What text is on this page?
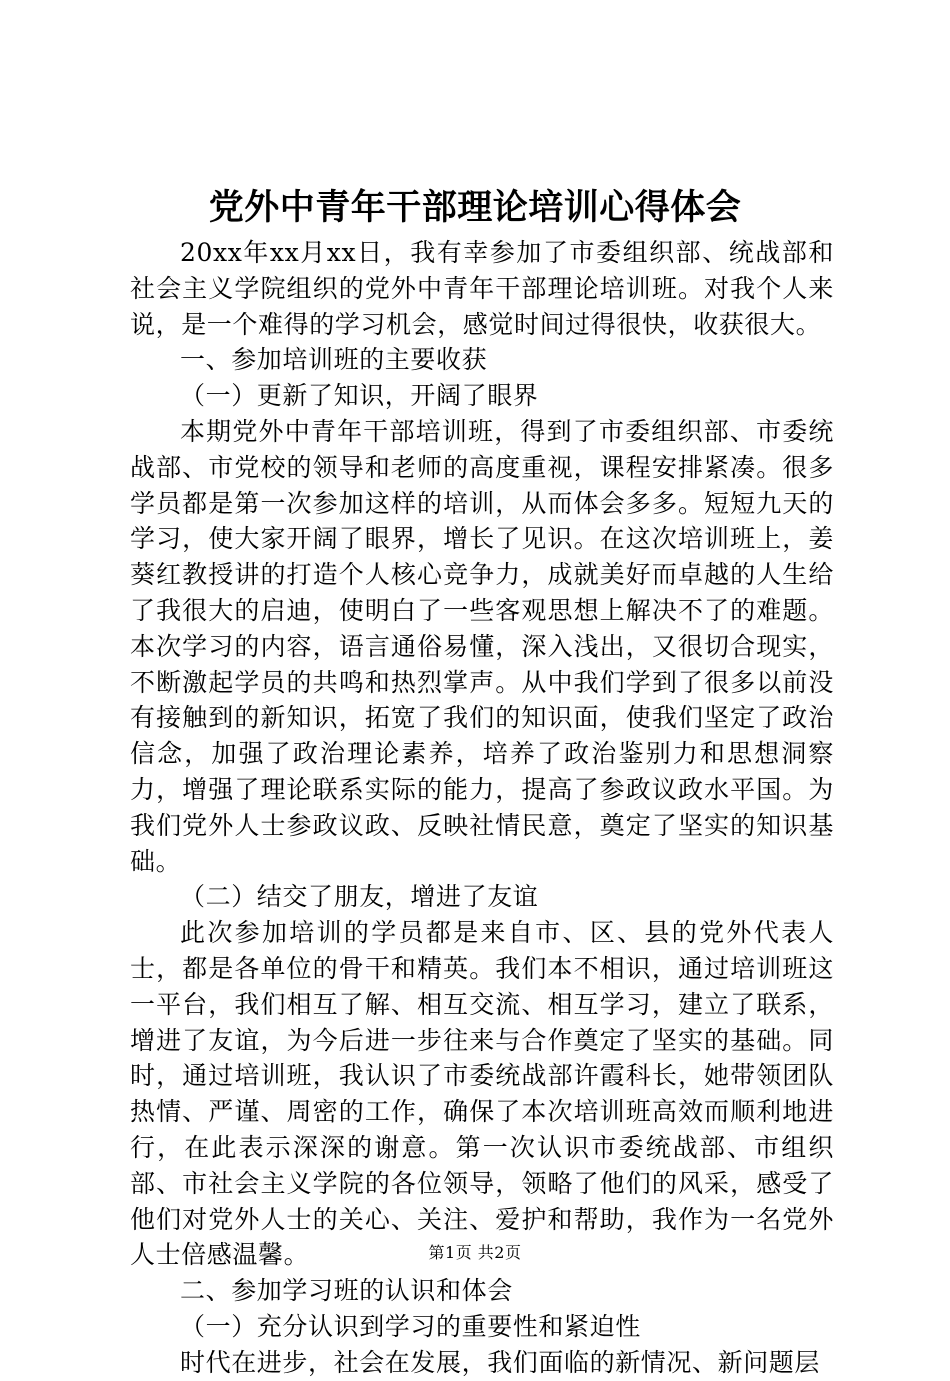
党外中青年干部理论培训心得体会

20xx年xx月xx日，我有幸参加了市委组织部、统战部和社会主义学院组织的党外中青年干部理论培训班。对我个人来说，是一个难得的学习机会，感觉时间过得很快，收获很大。

一、参加培训班的主要收获

（一）更新了知识，开阔了眼界

本期党外中青年干部培训班，得到了市委组织部、市委统战部、市党校的领导和老师的高度重视，课程安排紧凑。很多学员都是第一次参加这样的培训，从而体会多多。短短九天的学习，使大家开阔了眼界，增长了见识。在这次培训班上，姜葵红教授讲的打造个人核心竞争力，成就美好而卓越的人生给了我很大的启迪，使明白了一些客观思想上解决不了的难题。本次学习的内容，语言通俗易懂，深入浅出，又很切合现实，不断激起学员的共鸣和热烈掌声。从中我们学到了很多以前没有接触到的新知识，拓宽了我们的知识面，使我们坚定了政治信念，加强了政治理论素养，培养了政治鉴别力和思想洞察力，增强了理论联系实际的能力，提高了参政议政水平国。为我们党外人士参政议政、反映社情民意，奠定了坚实的知识基础。

（二）结交了朋友，增进了友谊

此次参加培训的学员都是来自市、区、县的党外代表人士，都是各单位的骨干和精英。我们本不相识，通过培训班这一平台，我们相互了解、相互交流、相互学习，建立了联系，增进了友谊，为今后进一步往来与合作奠定了坚实的基础。同时，通过培训班，我认识了市委统战部许霞科长，她带领团队热情、严谨、周密的工作，确保了本次培训班高效而顺利地进行，在此表示深深的谢意。第一次认识市委统战部、市组织部、市社会主义学院的各位领导，领略了他们的风采，感受了他们对党外人士的关心、关注、爱护和帮助，我作为一名党外人士倍感温馨。

二、参加学习班的认识和体会

（一）充分认识到学习的重要性和紧迫性

时代在进步，社会在发展，我们面临的新情况、新问题层

第1页 共2页
